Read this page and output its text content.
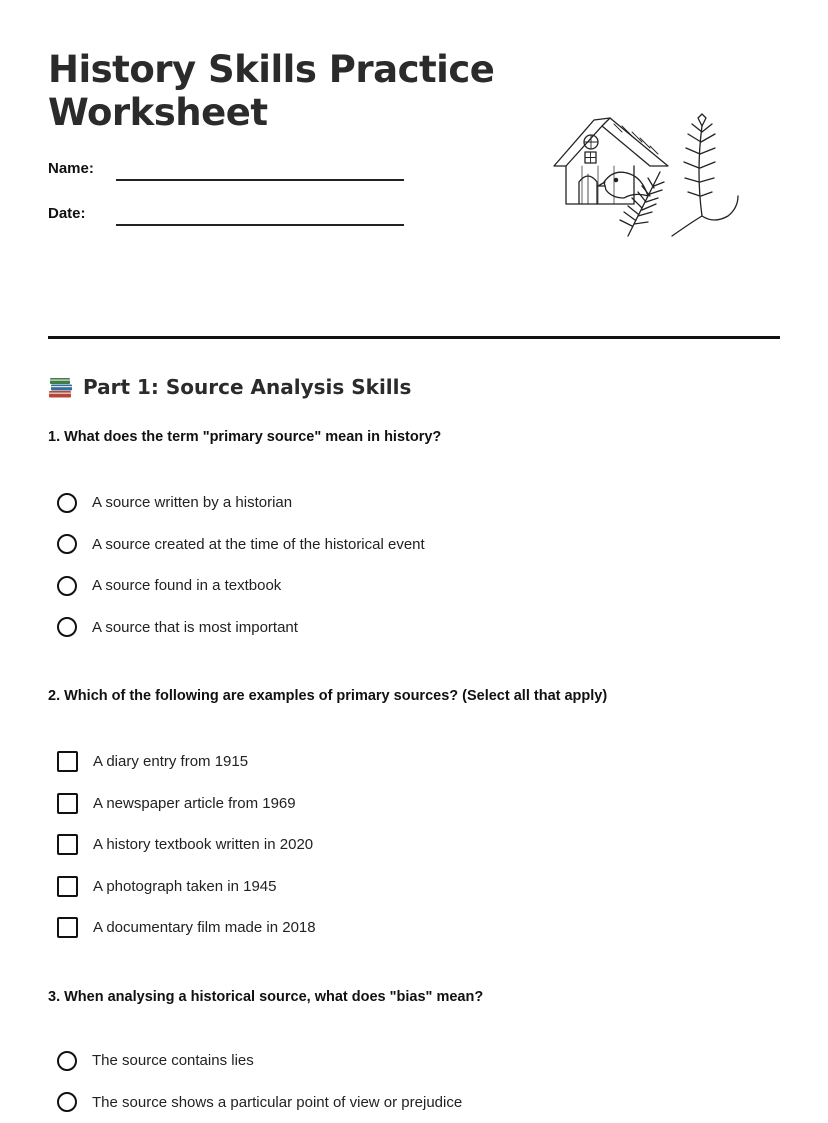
History Skills Practice Worksheet
Name:
Date:
Part 1: Source Analysis Skills

1. What does the term "primary source" mean in history?

A source written by a historian
A source created at the time of the historical event
A source found in a textbook
A source that is most important

2. Which of the following are examples of primary sources? (Select all that apply)

A diary entry from 1915
A newspaper article from 1969
A history textbook written in 2020
A photograph taken in 1945
A documentary film made in 2018

3. When analysing a historical source, what does "bias" mean?

The source contains lies
The source shows a particular point of view or prejudice
